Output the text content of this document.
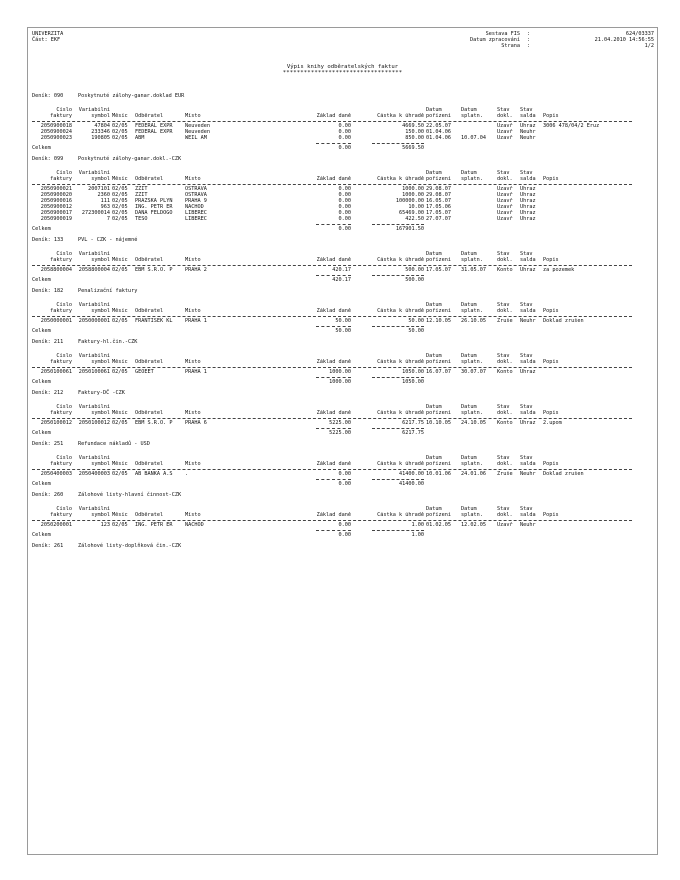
UNIVERZITA
Část: EKF
Sestava FIS	:	624/03337
Datum zpracování	:	21.04.2010 14:56:55
Strana	:	1/2
Výpis knihy odběratelských faktur
**********************************
Deník: 090	Poskytnuté zálohy-ganar.doklad EUR
Číslo	Variabilní	Datum	Datum	Stav	Stav
faktury	symbol Měsíc	Odběratel	Místo	Základ daně	Částka k úhradě pořízení	splatn.	dokl.	salda	Popis
2050900018	47804 02/05	FEDERAL EXPR	Neuveden	0.00	4669.50 22.05.07	Uzavř	Uhraz	3006 478/04/2 Eruz
2050900024	233346 02/05	FEDERAL EXPR	Neuveden	0.00	150.00 01.04.06	Uzavř	Neuhr
2050900023	190805 02/05	ABM	WEIL AM	0.00	850.00 01.04.06	10.07.04	Uzavř	Neuhr
Celkem	0.00	5669.50
Deník: 099	Poskytnuté zálohy-ganar.dokl.-CZK
Číslo	Variabilní	Datum	Datum	Stav	Stav
faktury	symbol Měsíc	Odběratel	Místo	Základ daně	Částka k úhradě pořízení	splatn.	dokl.	salda	Popis
2050900021	2007101 02/05	ZZIT	OSTRAVA	0.00	1000.00 29.08.07	Uzavř	Uhraz
2050900020	2360 02/05	ZZIT	OSTRAVA	0.00	1000.00 29.08.07	Uzavř	Uhraz
2050900016	111 02/05	PRAŽSKÁ PLYN	PRAHA 9	0.00	100000.00 16.05.07	Uzavř	Uhraz
2050900012	963 02/05	ING. PETR ER	NÁCHOD	0.00	10.00 17.05.06	Uzavř	Uhraz
2050900017	272300014 02/05	DANA FELDOGO	LIBEREC	0.00	65469.00 17.05.07	Uzavř	Uhraz
2050900019	7 02/05	TESO	LIBEREC	0.00	422.50 27.07.07	Uzavř	Uhraz
Celkem	0.00	167901.50
Deník: 133	PVL - CZK - nájemné
Číslo	Variabilní	Datum	Datum	Stav	Stav
faktury	symbol Měsíc	Odběratel	Místo	Základ daně	Částka k úhradě pořízení	splatn.	dokl.	salda	Popis
2058800004	2058800004 02/05	EBM S.R.O. P	PRAHA 2	420.17	500.00 17.05.07	31.05.07	Konto	Uhraz	za pozemek
Celkem	420.17	500.00
Deník: 182	Penalizační faktury
Číslo	Variabilní	Datum	Datum	Stav	Stav
faktury	symbol Měsíc	Odběratel	Místo	Základ daně	Částka k úhradě pořízení	splatn.	dokl.	salda	Popis
2050000001	2050000001 02/05	FRANTIŠEK KL	PRAHA 1	50.00	50.00 12.10.05	26.10.05	Zruše	Neuhr	Doklad zrušen
Celkem	50.00	50.00
Deník: 211	Faktury-hl.čin.-CZK
Číslo	Variabilní	Datum	Datum	Stav	Stav
faktury	symbol Měsíc	Odběratel	Místo	Základ daně	Částka k úhradě pořízení	splatn.	dokl.	salda	Popis
2050100061	2050100061 02/05	GEOEET	PRAHA 1	1000.00	1050.00 16.07.07	30.07.07	Konto	Uhraz
Celkem	1000.00	1050.00
Deník: 212	Faktury-DČ -CZK
Číslo	Variabilní	Datum	Datum	Stav	Stav
faktury	symbol Měsíc	Odběratel	Místo	Základ daně	Částka k úhradě pořízení	splatn.	dokl.	salda	Popis
2050100012	2050100012 02/05	EBM S.R.O. P	PRAHA 6	5225.00	6217.75 10.10.05	24.10.05	Konto	Uhraz	2.upom
Celkem	5225.00	6217.75
Deník: 251	Refundace nákladů - USD
Číslo	Variabilní	Datum	Datum	Stav	Stav
faktury	symbol Měsíc	Odběratel	Místo	Základ daně	Částka k úhradě pořízení	splatn.	dokl.	salda	Popis
2050400003	2050400003 02/05	AB BANKA A.S	.	0.00	41400.00 10.01.06	24.01.06	Zruše	Neuhr	Doklad zrušen
Celkem	0.00	41400.00
Deník: 260	Zálohové listy-hlavní činnost-CZK
Číslo	Variabilní	Datum	Datum	Stav	Stav
faktury	symbol Měsíc	Odběratel	Místo	Základ daně	Částka k úhradě pořízení	splatn.	dokl.	salda	Popis
2050200001	123 02/05	ING. PETR ER	NÁCHOD	0.00	1.00 01.02.05	12.02.05	Uzavř	Neuhr
Celkem	0.00	1.00
Deník: 261	Zálohové listy-doplňková čin.-CZK
